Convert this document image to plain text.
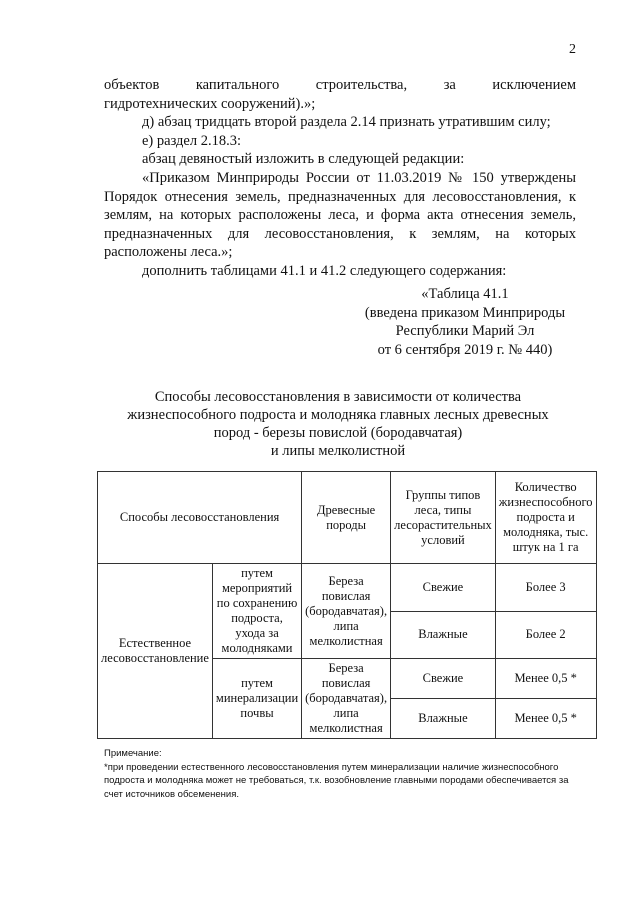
2

объектов	капитального	строительства,	за	исключением

гидротехнических сооружений).»;

д) абзац тридцать второй раздела 2.14 признать утратившим силу;

е) раздел 2.18.3:

абзац девяностый изложить в следующей редакции:

«Приказом Минприроды России от 11.03.2019 № 150 утверждены Порядок отнесения земель, предназначенных для лесовосстановления, к землям, на которых расположены леса, и форма акта отнесения земель, предназначенных для лесовосстановления, к землям, на которых расположены леса.»;

дополнить таблицами 41.1 и 41.2 следующего содержания:

«Таблица 41.1

(введена приказом Минприроды

Республики Марий Эл

от 6 сентября 2019 г. № 440)

Способы лесовосстановления в зависимости от количества

жизнеспособного подроста и молодняка главных лесных древесных

пород - березы повислой (бородавчатая)

и липы мелколистной

Способы лесовосстановления		Древесные породы	Группы типов леса, типы лесорастительных условий	Количество жизнеспособного подроста и молодняка, тыс. штук на 1 га
Естественное лесовосстановление	путем мероприятий по сохранению подроста, ухода за молодняками	Береза повислая (бородавчатая), липа мелколистная	Свежие	Более 3
			Влажные	Более 2
	путем минерализации почвы	Береза повислая (бородавчатая), липа мелколистная	Свежие	Менее 0,5 *
			Влажные	Менее 0,5 *

Примечание:

*при проведении естественного лесовосстановления путем минерализации наличие жизнеспособного подроста и молодняка может не требоваться, т.к. возобновление главными породами обеспечивается за счет источников обсеменения.
